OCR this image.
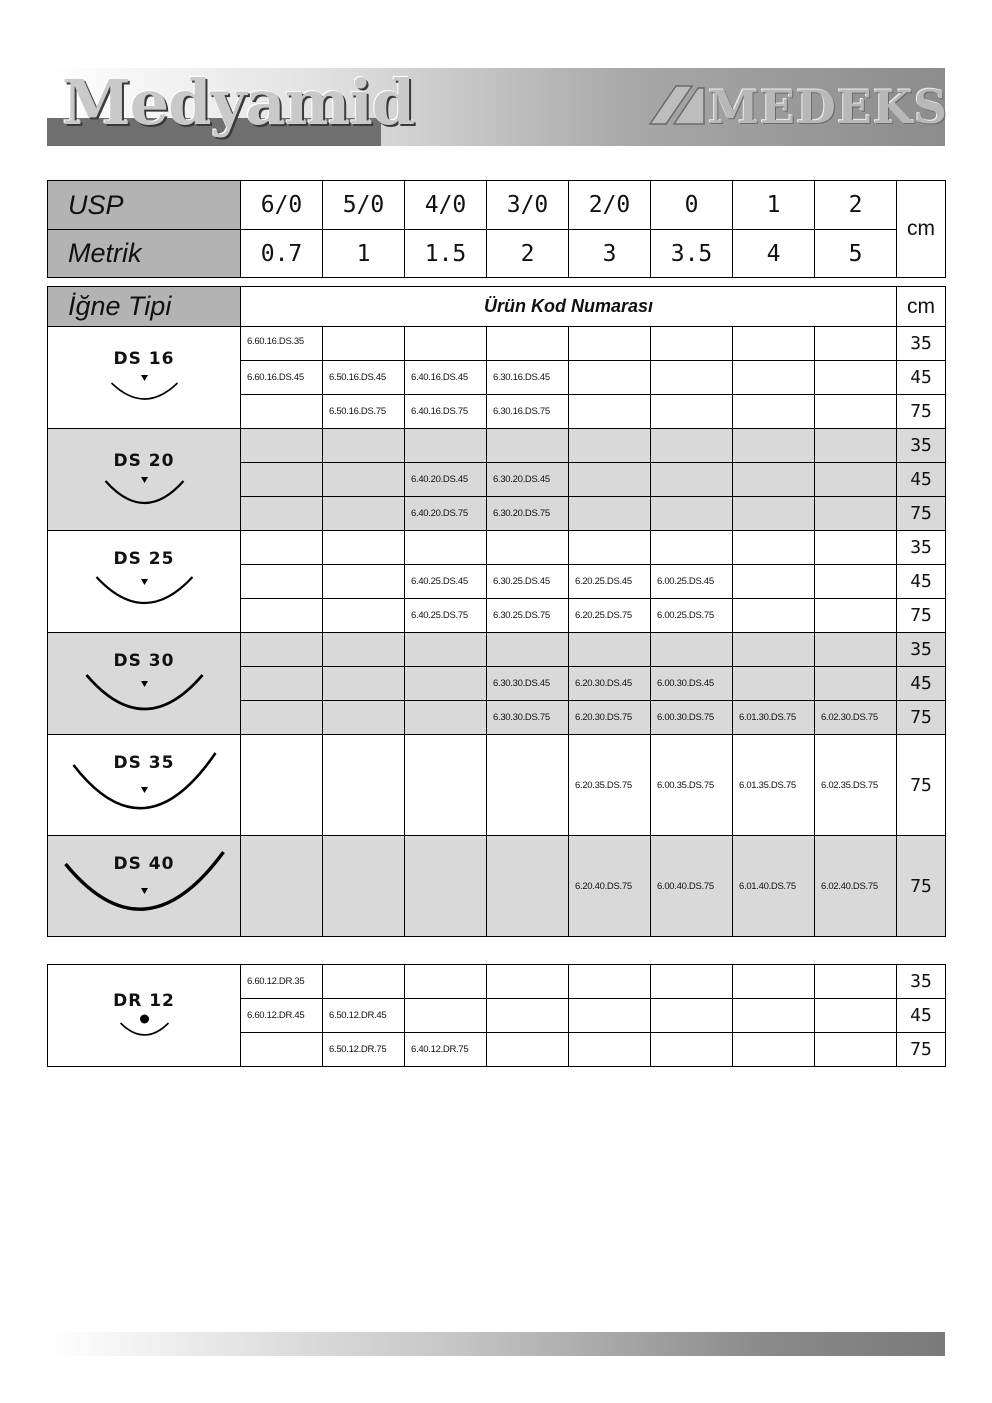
Medyamid	MEDEKS
USP	6/0	5/0	4/0	3/0	2/0	0	1	2	cm
Metrik	0.7	1	1.5	2	3	3.5	4	5	
İğne Tipi	Ürün Kod Numarası								cm

DS 16	6.60.16.DS.35								35
	6.60.16.DS.45	6.50.16.DS.45	6.40.16.DS.45	6.30.16.DS.45					45
		6.50.16.DS.75	6.40.16.DS.75	6.30.16.DS.75					75

DS 20									35
			6.40.20.DS.45	6.30.20.DS.45					45
			6.40.20.DS.75	6.30.20.DS.75					75

DS 25									35
			6.40.25.DS.45	6.30.25.DS.45	6.20.25.DS.45	6.00.25.DS.45			45
			6.40.25.DS.75	6.30.25.DS.75	6.20.25.DS.75	6.00.25.DS.75			75

DS 30									35
				6.30.30.DS.45	6.20.30.DS.45	6.00.30.DS.45			45
				6.30.30.DS.75	6.20.30.DS.75	6.00.30.DS.75	6.01.30.DS.75	6.02.30.DS.75	75

DS 35					6.20.35.DS.75	6.00.35.DS.75	6.01.35.DS.75	6.02.35.DS.75	75

DS 40					6.20.40.DS.75	6.00.40.DS.75	6.01.40.DS.75	6.02.40.DS.75	75
DR 12	6.60.12.DR.35								35
	6.60.12.DR.45	6.50.12.DR.45							45
		6.50.12.DR.75	6.40.12.DR.75						75
